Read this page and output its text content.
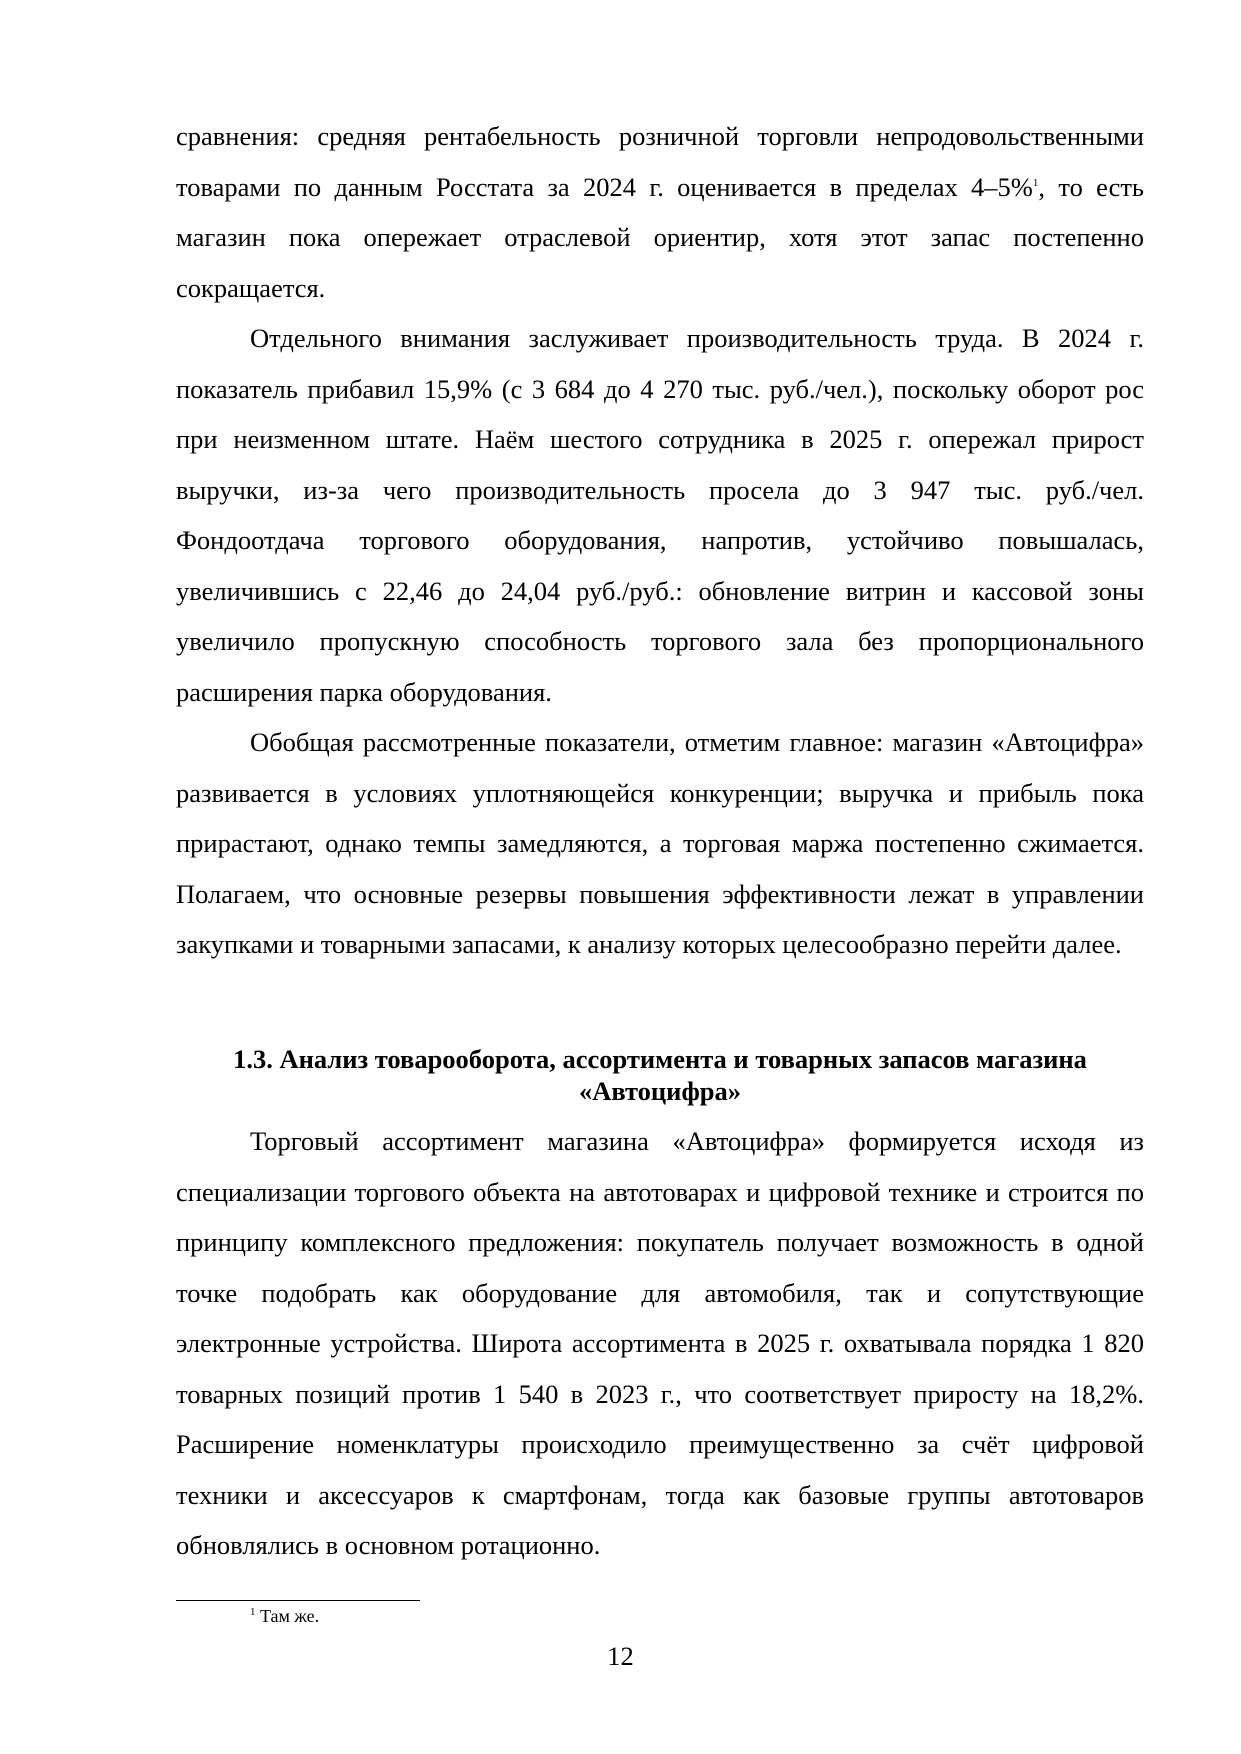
сравнения: средняя рентабельность розничной торговли непродовольственными товарами по данным Росстата за 2024 г. оценивается в пределах 4–5%$^1$, то есть магазин пока опережает отраслевой ориентир, хотя этот запас постепенно сокращается.

Отдельного внимания заслуживает производительность труда. В 2024 г. показатель прибавил 15,9% (с 3 684 до 4 270 тыс. руб./чел.), поскольку оборот рос при неизменном штате. Наём шестого сотрудника в 2025 г. опережал прирост выручки, из-за чего производительность просела до 3 947 тыс. руб./чел. Фондоотдача торгового оборудования, напротив, устойчиво повышалась, увеличившись с 22,46 до 24,04 руб./руб.: обновление витрин и кассовой зоны увеличило пропускную способность торгового зала без пропорционального расширения парка оборудования.

Обобщая рассмотренные показатели, отметим главное: магазин «Автоцифра» развивается в условиях уплотняющейся конкуренции; выручка и прибыль пока прирастают, однако темпы замедляются, а торговая маржа постепенно сжимается. Полагаем, что основные резервы повышения эффективности лежат в управлении закупками и товарными запасами, к анализу которых целесообразно перейти далее.

1.3. Анализ товарооборота, ассортимента и товарных запасов магазина
«Автоцифра»

Торговый ассортимент магазина «Автоцифра» формируется исходя из специализации торгового объекта на автотоварах и цифровой технике и строится по принципу комплексного предложения: покупатель получает возможность в одной точке подобрать как оборудование для автомобиля, так и сопутствующие электронные устройства. Широта ассортимента в 2025 г. охватывала порядка 1 820 товарных позиций против 1 540 в 2023 г., что соответствует приросту на 18,2%. Расширение номенклатуры происходило преимущественно за счёт цифровой техники и аксессуаров к смартфонам, тогда как базовые группы автотоваров обновлялись в основном ротационно.

$^1$ Там же.
12
